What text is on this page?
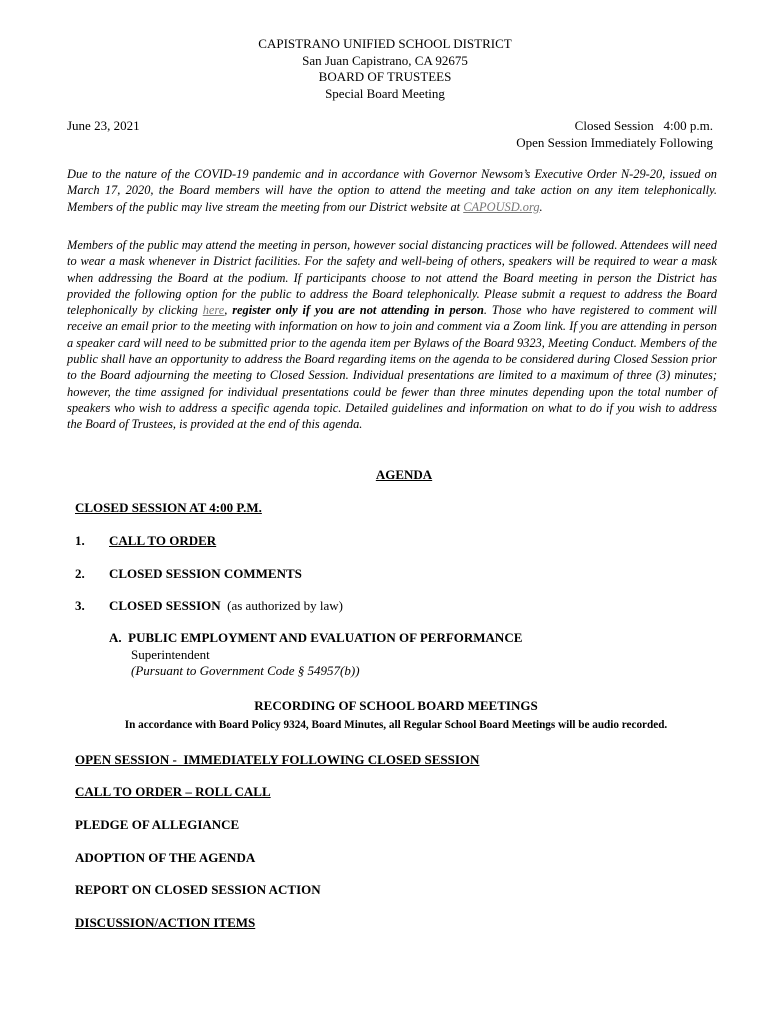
CAPISTRANO UNIFIED SCHOOL DISTRICT
San Juan Capistrano, CA 92675
BOARD OF TRUSTEES
Special Board Meeting
June 23, 2021	Closed Session   4:00 p.m.
Open Session Immediately Following
Due to the nature of the COVID-19 pandemic and in accordance with Governor Newsom’s Executive Order N-29-20, issued on March 17, 2020, the Board members will have the option to attend the meeting and take action on any item telephonically. Members of the public may live stream the meeting from our District website at CAPOUSD.org.
Members of the public may attend the meeting in person, however social distancing practices will be followed. Attendees will need to wear a mask whenever in District facilities. For the safety and well-being of others, speakers will be required to wear a mask when addressing the Board at the podium. If participants choose to not attend the Board meeting in person the District has provided the following option for the public to address the Board telephonically. Please submit a request to address the Board telephonically by clicking here, register only if you are not attending in person. Those who have registered to comment will receive an email prior to the meeting with information on how to join and comment via a Zoom link. If you are attending in person a speaker card will need to be submitted prior to the agenda item per Bylaws of the Board 9323, Meeting Conduct. Members of the public shall have an opportunity to address the Board regarding items on the agenda to be considered during Closed Session prior to the Board adjourning the meeting to Closed Session. Individual presentations are limited to a maximum of three (3) minutes; however, the time assigned for individual presentations could be fewer than three minutes depending upon the total number of speakers who wish to address a specific agenda topic. Detailed guidelines and information on what to do if you wish to address the Board of Trustees, is provided at the end of this agenda.
AGENDA
CLOSED SESSION AT 4:00 P.M.
1. CALL TO ORDER
2. CLOSED SESSION COMMENTS
3. CLOSED SESSION (as authorized by law)
A.  PUBLIC EMPLOYMENT AND EVALUATION OF PERFORMANCE
Superintendent
(Pursuant to Government Code § 54957(b))
RECORDING OF SCHOOL BOARD MEETINGS
In accordance with Board Policy 9324, Board Minutes, all Regular School Board Meetings will be audio recorded.
OPEN SESSION -  IMMEDIATELY FOLLOWING CLOSED SESSION
CALL TO ORDER – ROLL CALL
PLEDGE OF ALLEGIANCE
ADOPTION OF THE AGENDA
REPORT ON CLOSED SESSION ACTION
DISCUSSION/ACTION ITEMS
